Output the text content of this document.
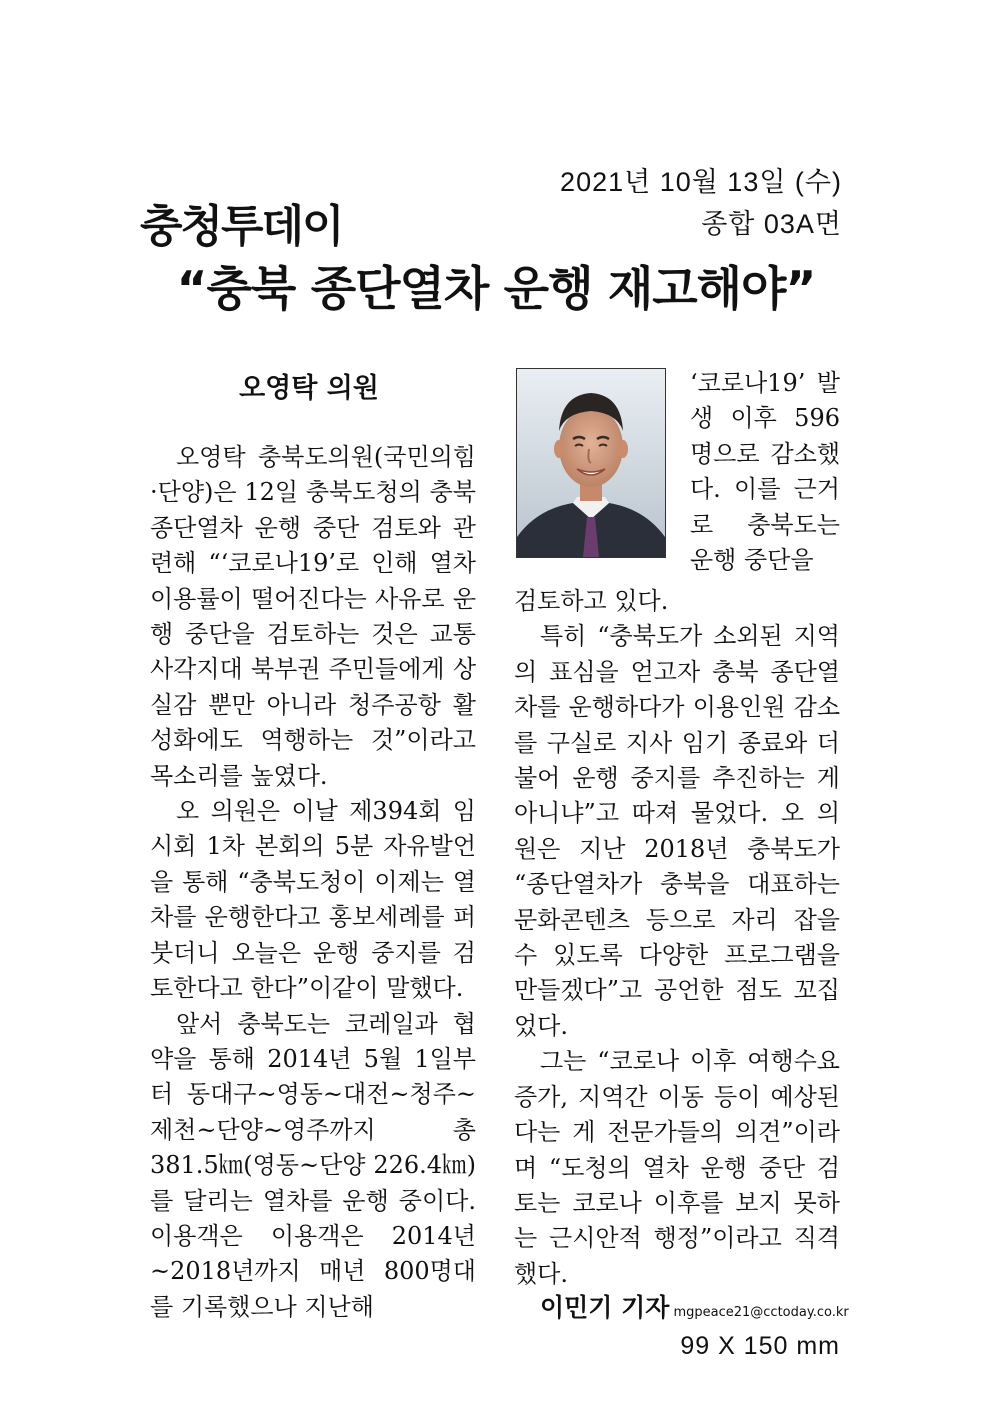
충청투데이
2021년 10월 13일 (수)
종합 03A면
“충북 종단열차 운행 재고해야”
오영탁 의원

오영탁 충북도의원(국민의힘·단양)은 12일 충북도청의 충북 종단열차 운행 중단 검토와 관련해 “‘코로나19’로 인해 열차 이용률이 떨어진다는 사유로 운행 중단을 검토하는 것은 교통 사각지대 북부권 주민들에게 상실감 뿐만 아니라 청주공항 활성화에도 역행하는 것”이라고 목소리를 높였다.

오 의원은 이날 제394회 임시회 1차 본회의 5분 자유발언을 통해 “충북도청이 이제는 열차를 운행한다고 홍보세례를 퍼붓더니 오늘은 운행 중지를 검토한다고 한다”이같이 말했다.

앞서 충북도는 코레일과 협약을 통해 2014년 5월 1일부터 동대구~영동~대전~청주~제천~단양~영주까지 총 381.5㎞(영동~단양 226.4㎞)를 달리는 열차를 운행 중이다. 이용객은 이용객은 2014년~2018년까지 매년 800명대를 기록했으나 지난해

‘코로나19’ 발생 이후 596명으로 감소했다. 이를 근거로 충북도는 운행 중단을

검토하고 있다.

특히 “충북도가 소외된 지역의 표심을 얻고자 충북 종단열차를 운행하다가 이용인원 감소를 구실로 지사 임기 종료와 더불어 운행 중지를 추진하는 게 아니냐”고 따져 물었다. 오 의원은 지난 2018년 충북도가 “종단열차가 충북을 대표하는 문화콘텐츠 등으로 자리 잡을 수 있도록 다양한 프로그램을 만들겠다”고 공언한 점도 꼬집었다.

그는 “코로나 이후 여행수요 증가, 지역간 이동 등이 예상된다는 게 전문가들의 의견”이라며 “도청의 열차 운행 중단 검토는 코로나 이후를 보지 못하는 근시안적 행정”이라고 직격했다.

이민기 기자 mgpeace21@cctoday.co.kr
99 X 150 mm
